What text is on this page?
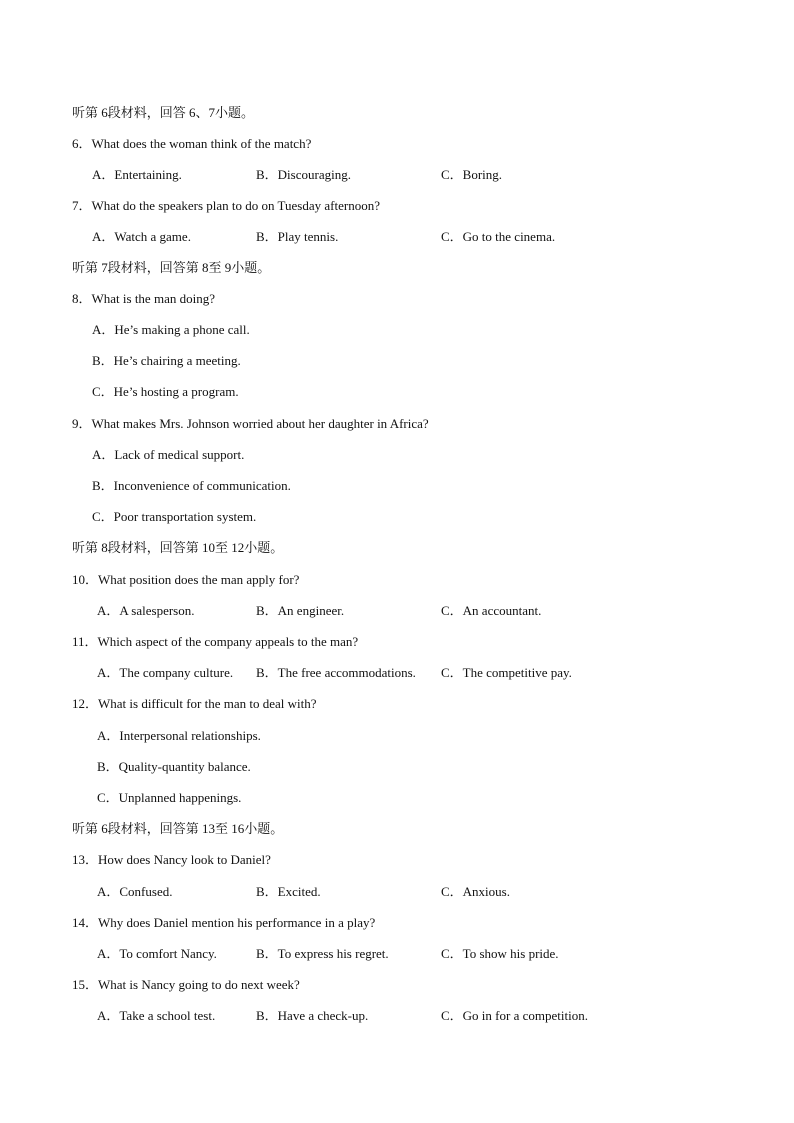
听第 6段材料，回答 6、7小题。
6．What does the woman think of the match?
A．Entertaining.	B．Discouraging.	C．Boring.
7．What do the speakers plan to do on Tuesday afternoon?
A．Watch a game.	B．Play tennis.	C．Go to the cinema.
听第 7段材料，回答第 8至 9小题。
8．What is the man doing?
A．He’s making a phone call.
B．He’s chairing a meeting.
C．He’s hosting a program.
9．What makes Mrs. Johnson worried about her daughter in Africa?
A．Lack of medical support.
B．Inconvenience of communication.
C．Poor transportation system.
听第 8段材料，回答第 10至 12小题。
10．What position does the man apply for?
A．A salesperson.	B．An engineer.	C．An accountant.
11．Which aspect of the company appeals to the man?
A．The company culture. B．The free accommodations. C．The competitive pay.
12．What is difficult for the man to deal with?
A．Interpersonal relationships.
B．Quality-quantity balance.
C．Unplanned happenings.
听第 6段材料，回答第 13至 16小题。
13．How does Nancy look to Daniel?
A．Confused.	B．Excited.	C．Anxious.
14．Why does Daniel mention his performance in a play?
A．To comfort Nancy.	B．To express his regret.	C．To show his pride.
15．What is Nancy going to do next week?
A．Take a school test.	B．Have a check-up.	C．Go in for a competition.
